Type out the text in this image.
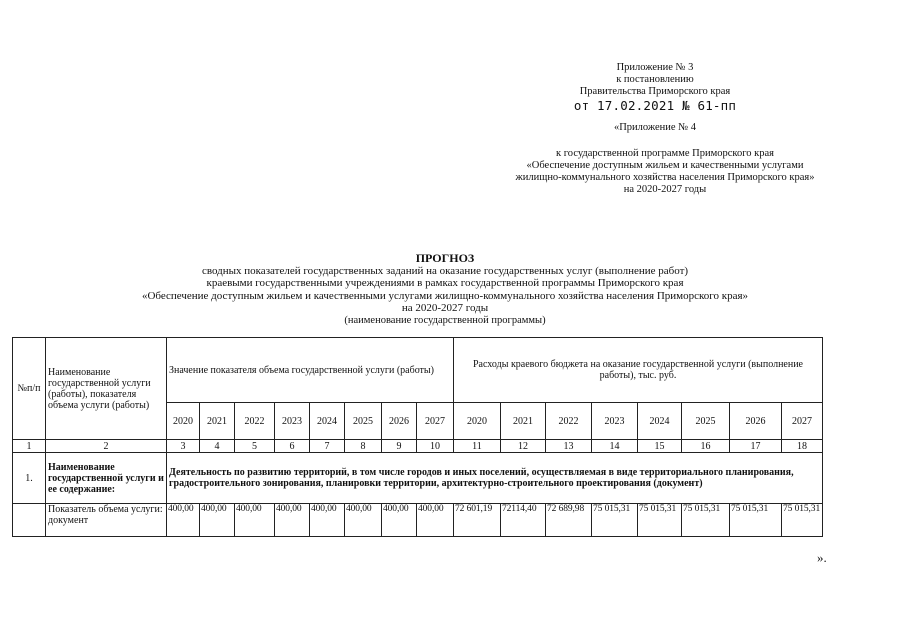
Приложение № 3
к постановлению
Правительства Приморского края
от 17.02.2021 № 61-пп
«Приложение № 4
к государственной программе Приморского края
«Обеспечение доступным жильем и качественными услугами
жилищно-коммунального хозяйства населения Приморского края»
на 2020-2027 годы
ПРОГНОЗ
сводных показателей государственных заданий на оказание государственных услуг (выполнение работ)
краевыми государственными учреждениями в рамках государственной программы Приморского края
«Обеспечение доступным жильем и качественными услугами жилищно-коммунального хозяйства населения Приморского края»
на 2020-2027 годы
(наименование государственной программы)
№п/п	Наименование государственной услуги (работы), показателя объема услуги (работы)	Значение показателя объема государственной услуги (работы)								Расходы краевого бюджета на оказание государственной услуги (выполнение работы), тыс. руб.							
		2020	2021	2022	2023	2024	2025	2026	2027	2020	2021	2022	2023	2024	2025	2026	2027
1	2	3	4	5	6	7	8	9	10	11	12	13	14	15	16	17	18
1.	Наименование государственной услуги и ее содержание:	Деятельность по развитию территорий, в том числе городов и иных поселений, осуществляемая в виде территориального планирования, градостроительного зонирования, планировки территории, архитектурно-строительного проектирования (документ)															
	Показатель объема услуги: документ	400,00	400,00	400,00	400,00	400,00	400,00	400,00	400,00	72 601,19	72114,40	72 689,98	75 015,31	75 015,31	75 015,31	75 015,31	75 015,31
».
